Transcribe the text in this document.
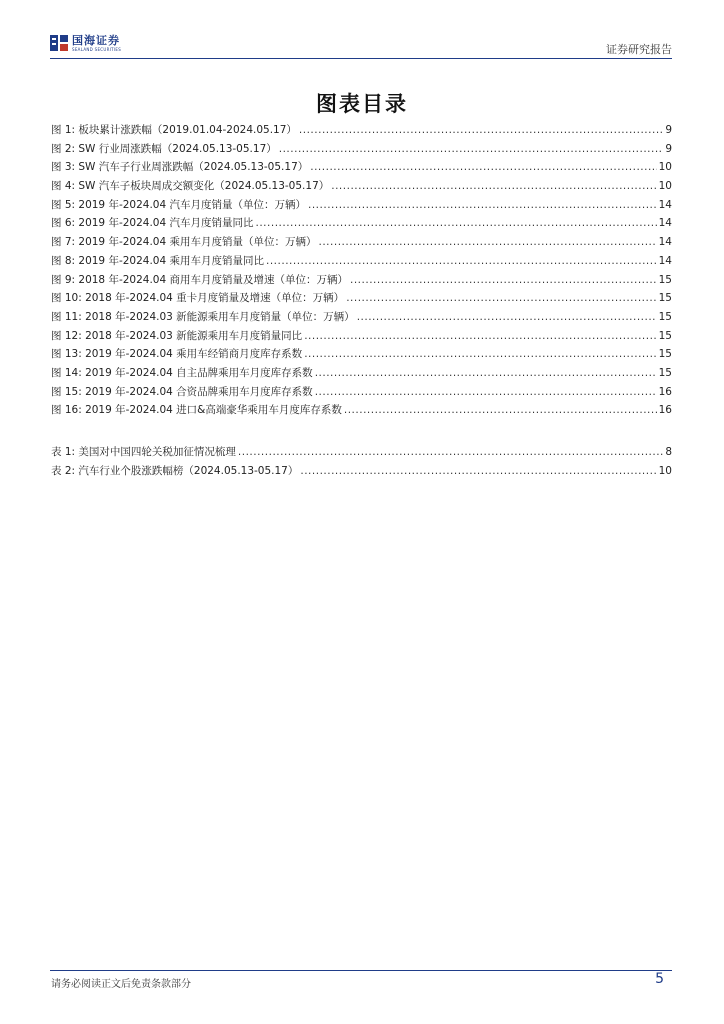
国海证券
SEALAND SECURITIES	证券研究报告
图表目录
图 1: 板块累计涨跌幅（2019.01.04-2024.05.17） .....	9
图 2: SW 行业周涨跌幅（2024.05.13-05.17） .....	9
图 3: SW 汽车子行业周涨跌幅（2024.05.13-05.17） .....	10
图 4: SW 汽车子板块周成交额变化（2024.05.13-05.17） .....	10
图 5: 2019 年-2024.04 汽车月度销量（单位：万辆） .....	14
图 6: 2019 年-2024.04 汽车月度销量同比 .....	14
图 7: 2019 年-2024.04 乘用车月度销量（单位：万辆） .....	14
图 8: 2019 年-2024.04 乘用车月度销量同比 .....	14
图 9: 2018 年-2024.04 商用车月度销量及增速（单位：万辆） .....	15
图 10: 2018 年-2024.04 重卡月度销量及增速（单位：万辆） .....	15
图 11: 2018 年-2024.03 新能源乘用车月度销量（单位：万辆） .....	15
图 12: 2018 年-2024.03 新能源乘用车月度销量同比 .....	15
图 13: 2019 年-2024.04 乘用车经销商月度库存系数 .....	15
图 14: 2019 年-2024.04 自主品牌乘用车月度库存系数 .....	15
图 15: 2019 年-2024.04 合资品牌乘用车月度库存系数 .....	16
图 16: 2019 年-2024.04 进口&高端豪华乘用车月度库存系数 .....	16
表 1: 美国对中国四轮关税加征情况梳理 .....	8
表 2: 汽车行业个股涨跌幅榜（2024.05.13-05.17） .....	10
请务必阅读正文后免责条款部分	5
